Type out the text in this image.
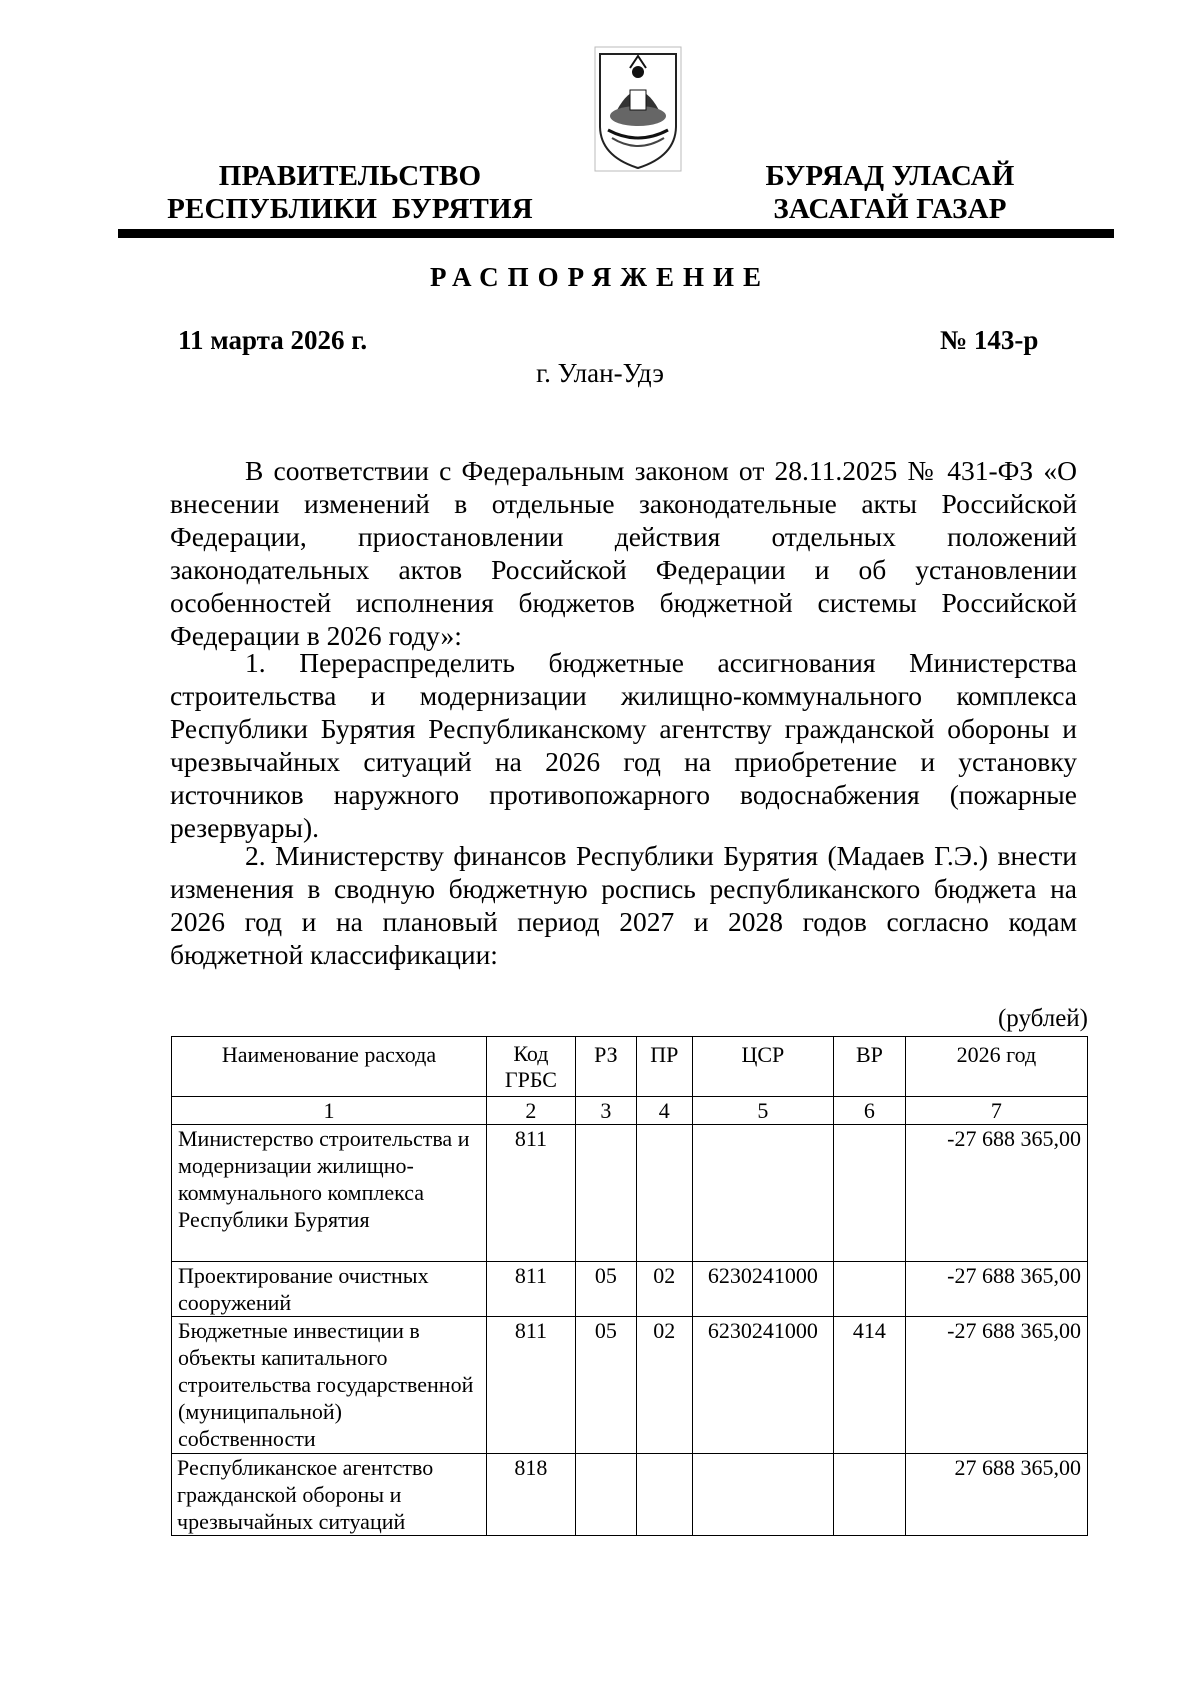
ПРАВИТЕЛЬСТВО
РЕСПУБЛИКИ  БУРЯТИЯ
БУРЯАД УЛАСАЙ
ЗАСАГАЙ ГАЗАР
РАСПОРЯЖЕНИЕ
11 марта 2026 г.	№ 143-р
г. Улан-Удэ

В соответствии с Федеральным законом от 28.11.2025 № 431-ФЗ «О внесении изменений в отдельные законодательные акты Российской Федерации, приостановлении действия отдельных положений законодательных актов Российской Федерации и об установлении особенностей исполнения бюджетов бюджетной системы Российской Федерации в 2026 году»:

1. Перераспределить бюджетные ассигнования Министерства строительства и модернизации жилищно-коммунального комплекса Республики Бурятия Республиканскому агентству гражданской обороны и чрезвычайных ситуаций на 2026 год на приобретение и установку источников наружного противопожарного водоснабжения (пожарные резервуары).

2. Министерству финансов Республики Бурятия (Мадаев Г.Э.) внести изменения в сводную бюджетную роспись республиканского бюджета на 2026 год и на плановый период 2027 и 2028 годов согласно кодам бюджетной классификации:

(рублей)
Наименование расхода	Код ГРБС	РЗ	ПР	ЦСР	ВР	2026 год
1	2	3	4	5	6	7
Министерство строительства и модернизации жилищно-коммунального комплекса Республики Бурятия	811					-27 688 365,00
Проектирование очистных сооружений	811	05	02	6230241000		-27 688 365,00
Бюджетные инвестиции в объекты капитального строительства государственной (муниципальной) собственности	811	05	02	6230241000	414	-27 688 365,00
Республиканское агентство гражданской обороны и чрезвычайных ситуаций	818					27 688 365,00
